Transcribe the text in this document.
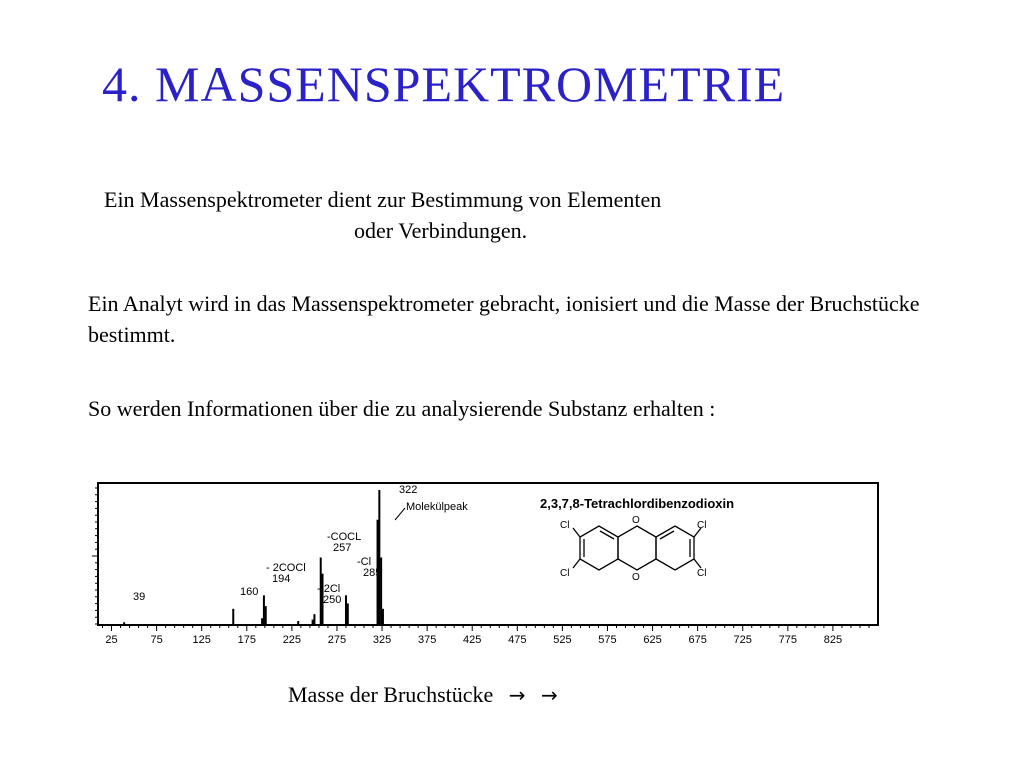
4. MASSENSPEKTROMETRIE
Ein Massenspektrometer dient zur Bestimmung von Elementen
oder Verbindungen.
Ein Analyt wird in das Massenspektrometer gebracht, ionisiert und die Masse der Bruchstücke bestimmt.
So werden Informationen über die zu analysierende Substanz erhalten :
25	75	125 175 225 275 325 375 425 475 525 575 625 675 725 775 825
39	160
- 2COCl 194
- 2Cl 250
-COCL 257
-Cl 285
322
Molekülpeak	2,3,7,8-Tetrachlordibenzodioxin
O
O
Cl
Cl
Cl
Cl
Masse der Bruchstücke → →
